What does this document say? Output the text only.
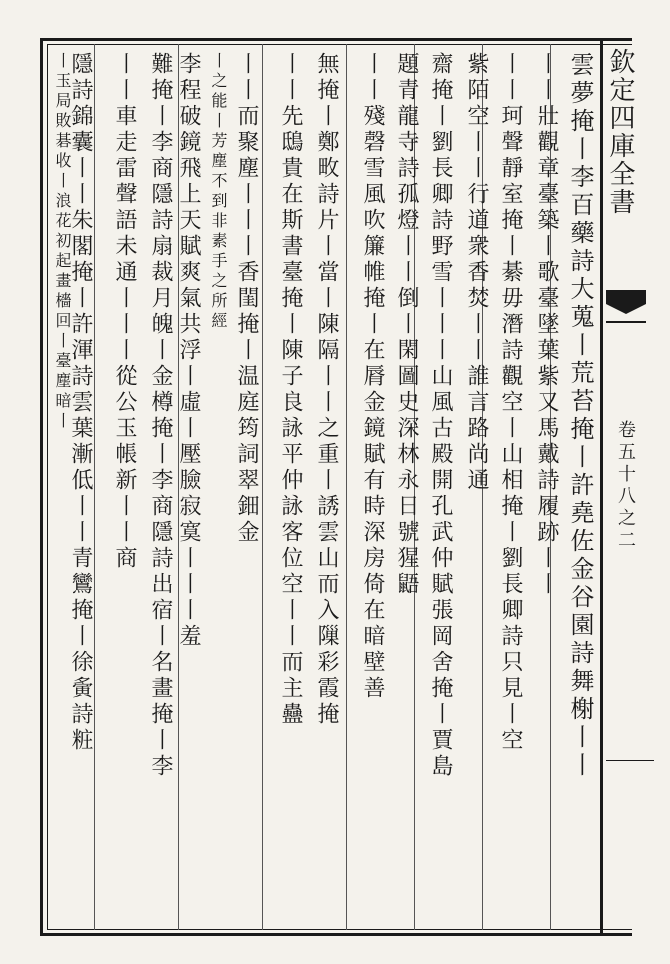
欽定四庫全書
卷五十八之二
雲夢掩丨李百藥詩大蒐丨荒苔掩丨許堯佐金谷園詩舞榭丨丨
丨丨壯觀章臺築丨歌臺墜葉紫又馬戴詩履跡丨丨
丨丨珂聲靜室掩丨綦毋潛詩觀空丨山相掩丨劉長卿詩只見丨空
紫陌空丨丨行道衆香焚丨丨誰言路尚通
齋掩丨劉長卿詩野雪丨丨丨山風古殿開孔武仲賦張岡舍掩丨賈島
題青龍寺詩孤燈丨丨倒丨閑圖史深林永日號猩鼯
丨丨殘磬雪風吹簾帷掩丨在脣金鏡賦有時深房倚在暗壁善
無掩丨鄭畋詩片丨當丨陳隔丨丨之重丨誘雲山而入隟彩霞掩
丨丨先鴟貴在斯書臺掩丨陳子良詠平仲詠客位空丨丨而主蠱
丨丨而聚塵丨丨丨香閨掩丨温庭筠詞翠鈿金
李程破鏡飛上天賦爽氣共浮丨虛丨壓臉寂寞丨丨丨羞 丨之能丨芳塵不到非素手之所經
難掩丨李商隱詩扇裁月魄丨金樽掩丨李商隱詩出宿丨名畫掩丨李
丨丨車走雷聲語未通丨丨丨從公玉帳新丨丨商
隱詩錦囊丨丨朱閣掩丨許渾詩雲葉漸低丨丨青鸞掩丨徐夤詩粧
丨玉局敗碁收丨浪花初起畫檣回丨臺塵暗丨
